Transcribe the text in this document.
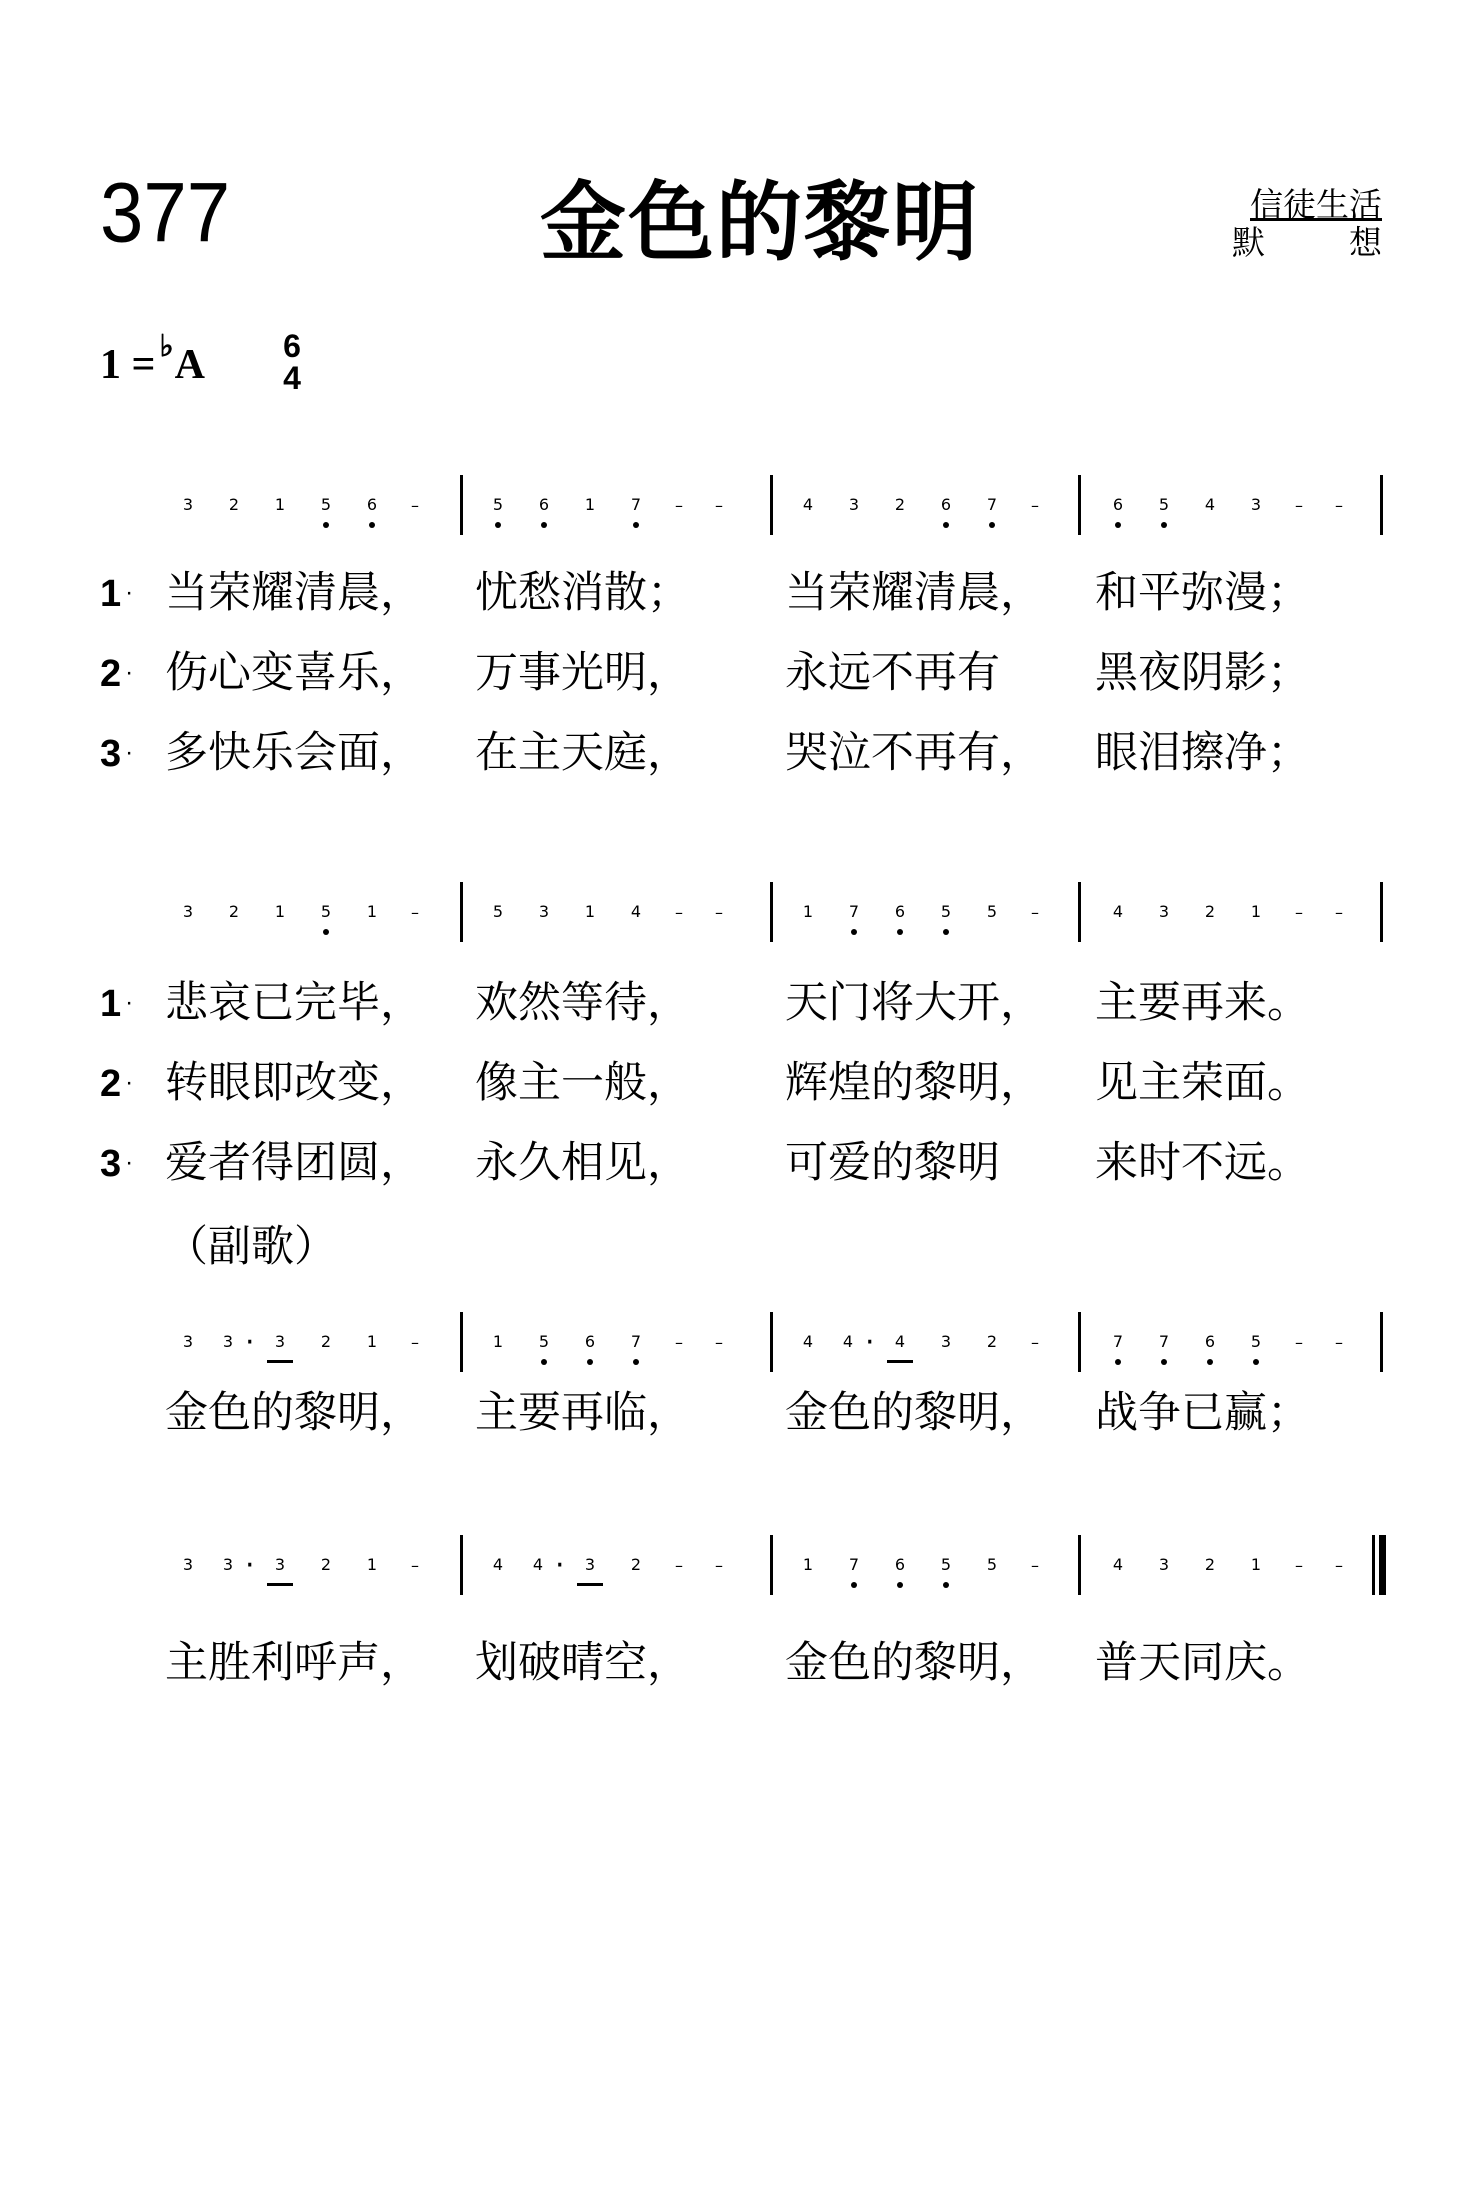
377	金色的黎明	信徒生活
默	想
1 = ♭A 6
4
3	2	1	5	6	–	5	6	1	7	–	–	4	3	2	6	7	–	6	5	4	3	–	–
1 · 当荣耀清晨， 忧愁消散； 当荣耀清晨， 和平弥漫；
2 · 伤心变喜乐， 万事光明， 永远不再有 黑夜阴影；
3 · 多快乐会面， 在主天庭， 哭泣不再有， 眼泪擦净；
3	2	1	5	1	–	5	3	1	4	–	–	1	7	6	5	5	–	4	3	2	1	–	–
1 · 悲哀已完毕， 欢然等待， 天门将大开， 主要再来。
2 · 转眼即改变， 像主一般， 辉煌的黎明， 见主荣面。
3 · 爱者得团圆， 永久相见， 可爱的黎明 来时不远。
3	3 ·	3	2	1	–	1	5	6	7	–	–	4	4 ·	4	3	2	–	7	7	6	5	–	–
（副歌）
金色的黎明， 主要再临， 金色的黎明， 战争已赢；
3	3 ·	3	2	1	–	4	4 ·	3	2	–	–	1	7	6	5	5	–	4	3	2	1	–	–
主胜利呼声， 划破晴空， 金色的黎明， 普天同庆。
